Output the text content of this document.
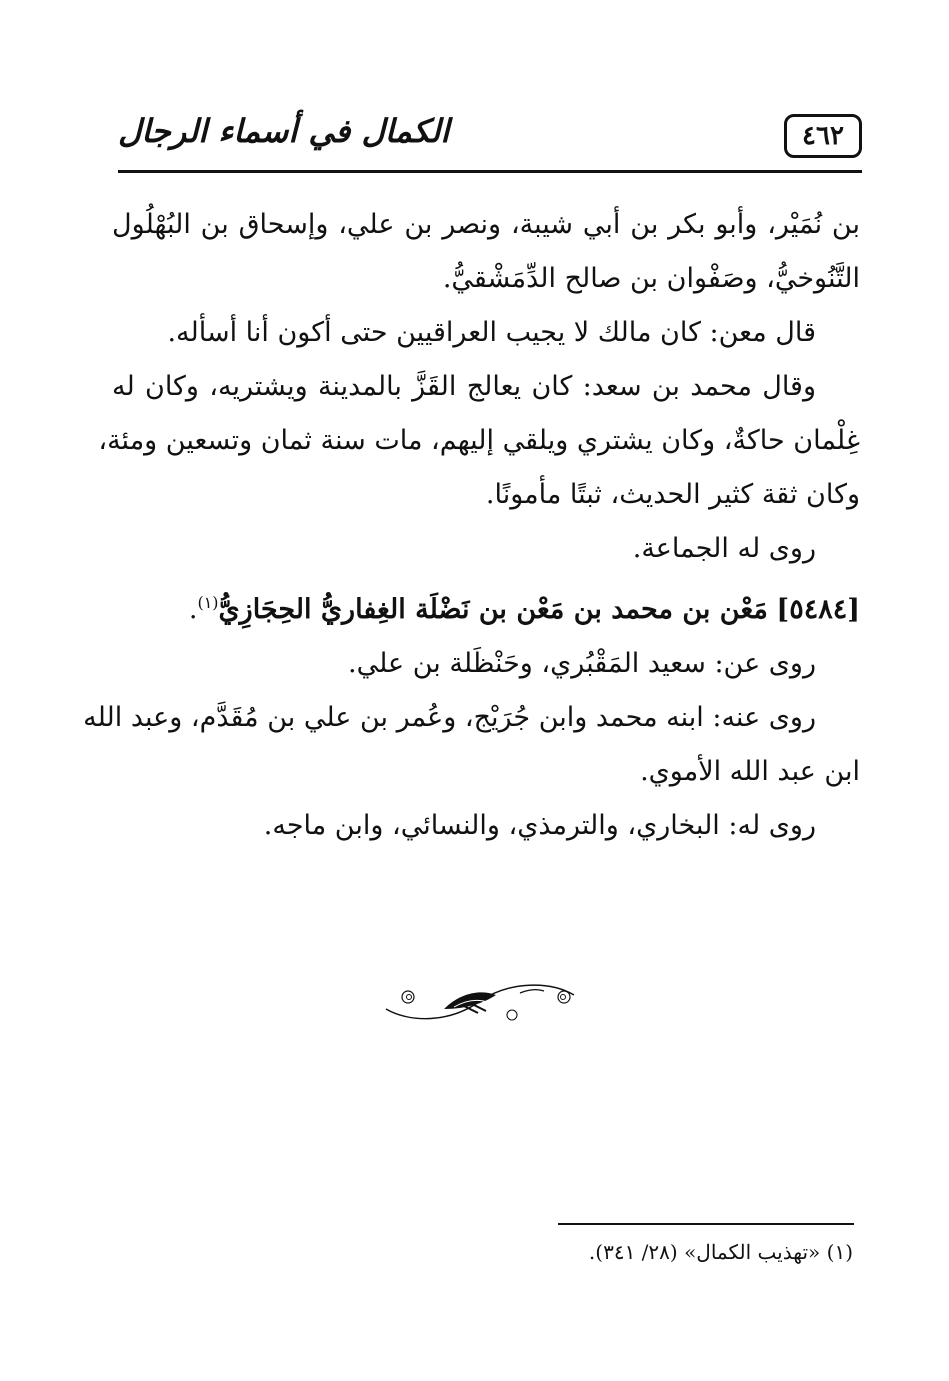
٤٦٢
الكمال في أسماء الرجال
بن نُمَيْر، وأبو بكر بن أبي شيبة، ونصر بن علي، وإسحاق بن البُهْلُول
التَّنُوخيُّ، وصَفْوان بن صالح الدِّمَشْقيُّ.
قال معن: كان مالك لا يجيب العراقيين حتى أكون أنا أسأله.
وقال محمد بن سعد: كان يعالج القَزَّ بالمدينة ويشتريه، وكان له
غِلْمان حاكةٌ، وكان يشتري ويلقي إليهم، مات سنة ثمان وتسعين ومئة،
وكان ثقة كثير الحديث، ثبتًا مأمونًا.
روى له الجماعة.
[٥٤٨٤] مَعْن بن محمد بن مَعْن بن نَضْلَة الغِفاريُّ الحِجَازِيُّ$^{(١)}$.
روى عن: سعيد المَقْبُري، وحَنْظَلة بن علي.
روى عنه: ابنه محمد وابن جُرَيْج، وعُمر بن علي بن مُقَدَّم، وعبد الله
ابن عبد الله الأموي.
روى له: البخاري، والترمذي، والنسائي، وابن ماجه.
(١) «تهذيب الكمال» (٢٨/ ٣٤١).
